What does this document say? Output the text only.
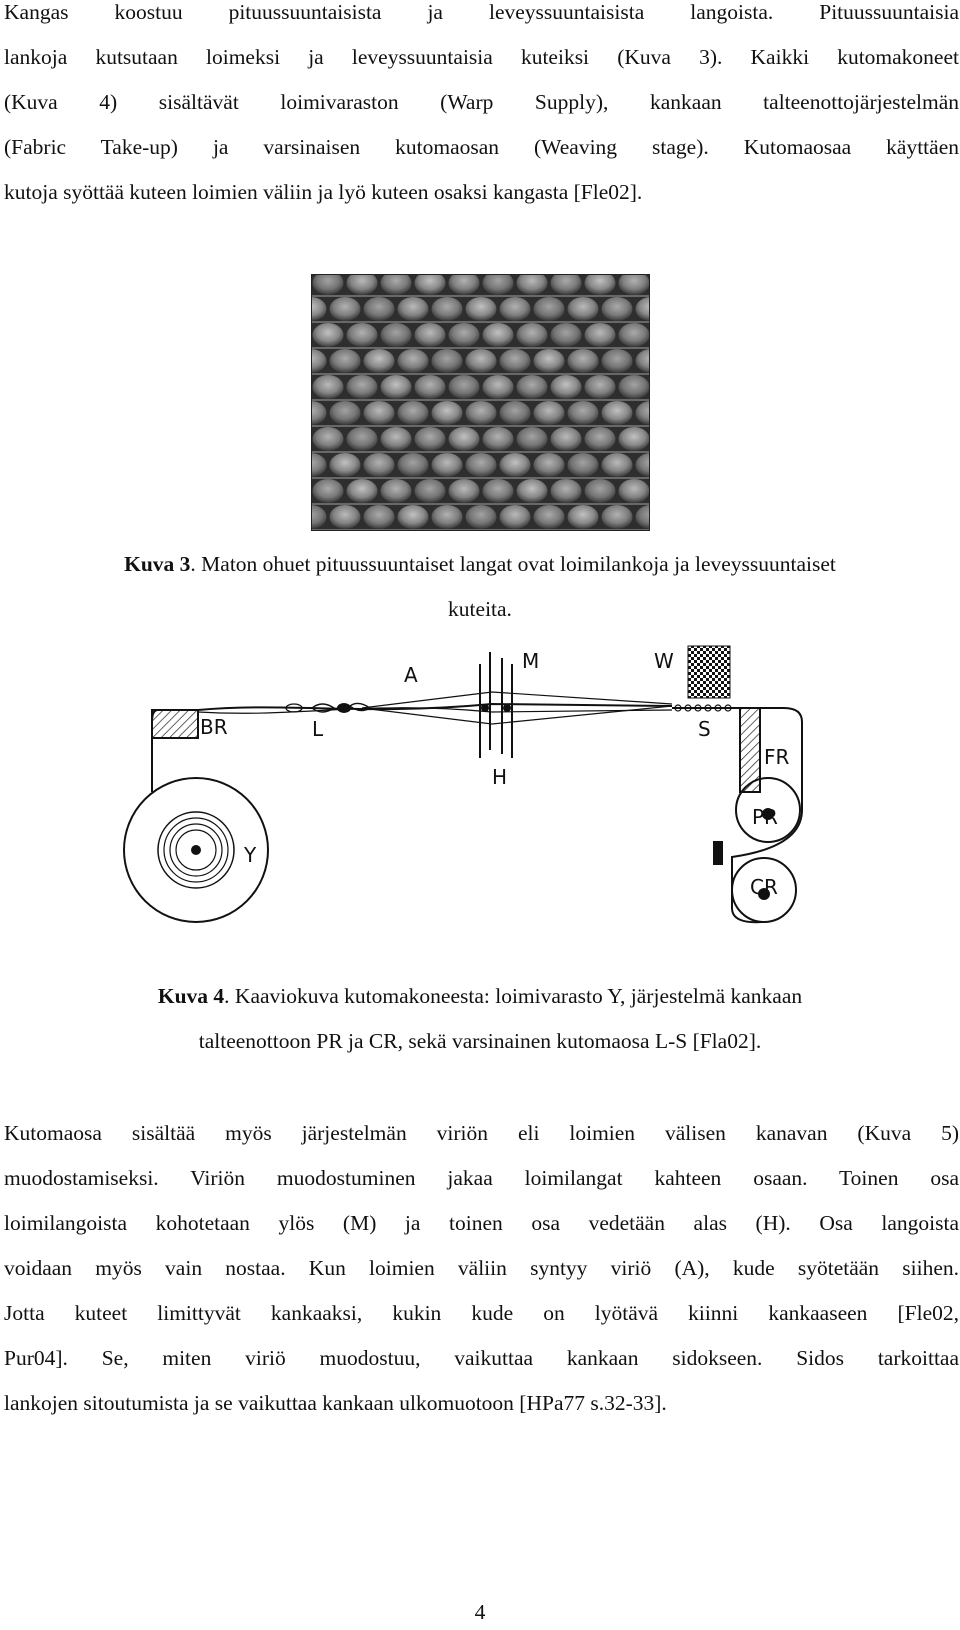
Kangas koostuu pituussuuntaisista ja leveyssuuntaisista langoista. Pituussuuntaisia
lankoja kutsutaan loimeksi ja leveyssuuntaisia kuteiksi (Kuva 3). Kaikki kutomakoneet
(Kuva 4) sisältävät loimivaraston (Warp Supply), kankaan talteenottojärjestelmän
(Fabric Take-up) ja varsinaisen kutomaosan (Weaving stage). Kutomaosaa käyttäen
kutoja syöttää kuteen loimien väliin ja lyö kuteen osaksi kangasta [Fle02].

Kuva 3. Maton ohuet pituussuuntaiset langat ovat loimilankoja ja leveyssuuntaiset

kuteita.

A
M	W
BR	L	S
H
FR
PR
Y
CR

Kuva 4. Kaaviokuva kutomakoneesta: loimivarasto Y, järjestelmä kankaan

talteenottoon PR ja CR, sekä varsinainen kutomaosa L-S [Fla02].

Kutomaosa sisältää myös järjestelmän viriön eli loimien välisen kanavan (Kuva 5)
muodostamiseksi. Viriön muodostuminen jakaa loimilangat kahteen osaan. Toinen osa
loimilangoista kohotetaan ylös (M) ja toinen osa vedetään alas (H). Osa langoista
voidaan myös vain nostaa. Kun loimien väliin syntyy viriö (A), kude syötetään siihen.
Jotta kuteet limittyvät kankaaksi, kukin kude on lyötävä kiinni kankaaseen [Fle02,
Pur04]. Se, miten viriö muodostuu, vaikuttaa kankaan sidokseen. Sidos tarkoittaa
lankojen sitoutumista ja se vaikuttaa kankaan ulkomuotoon [HPa77 s.32-33].
4
